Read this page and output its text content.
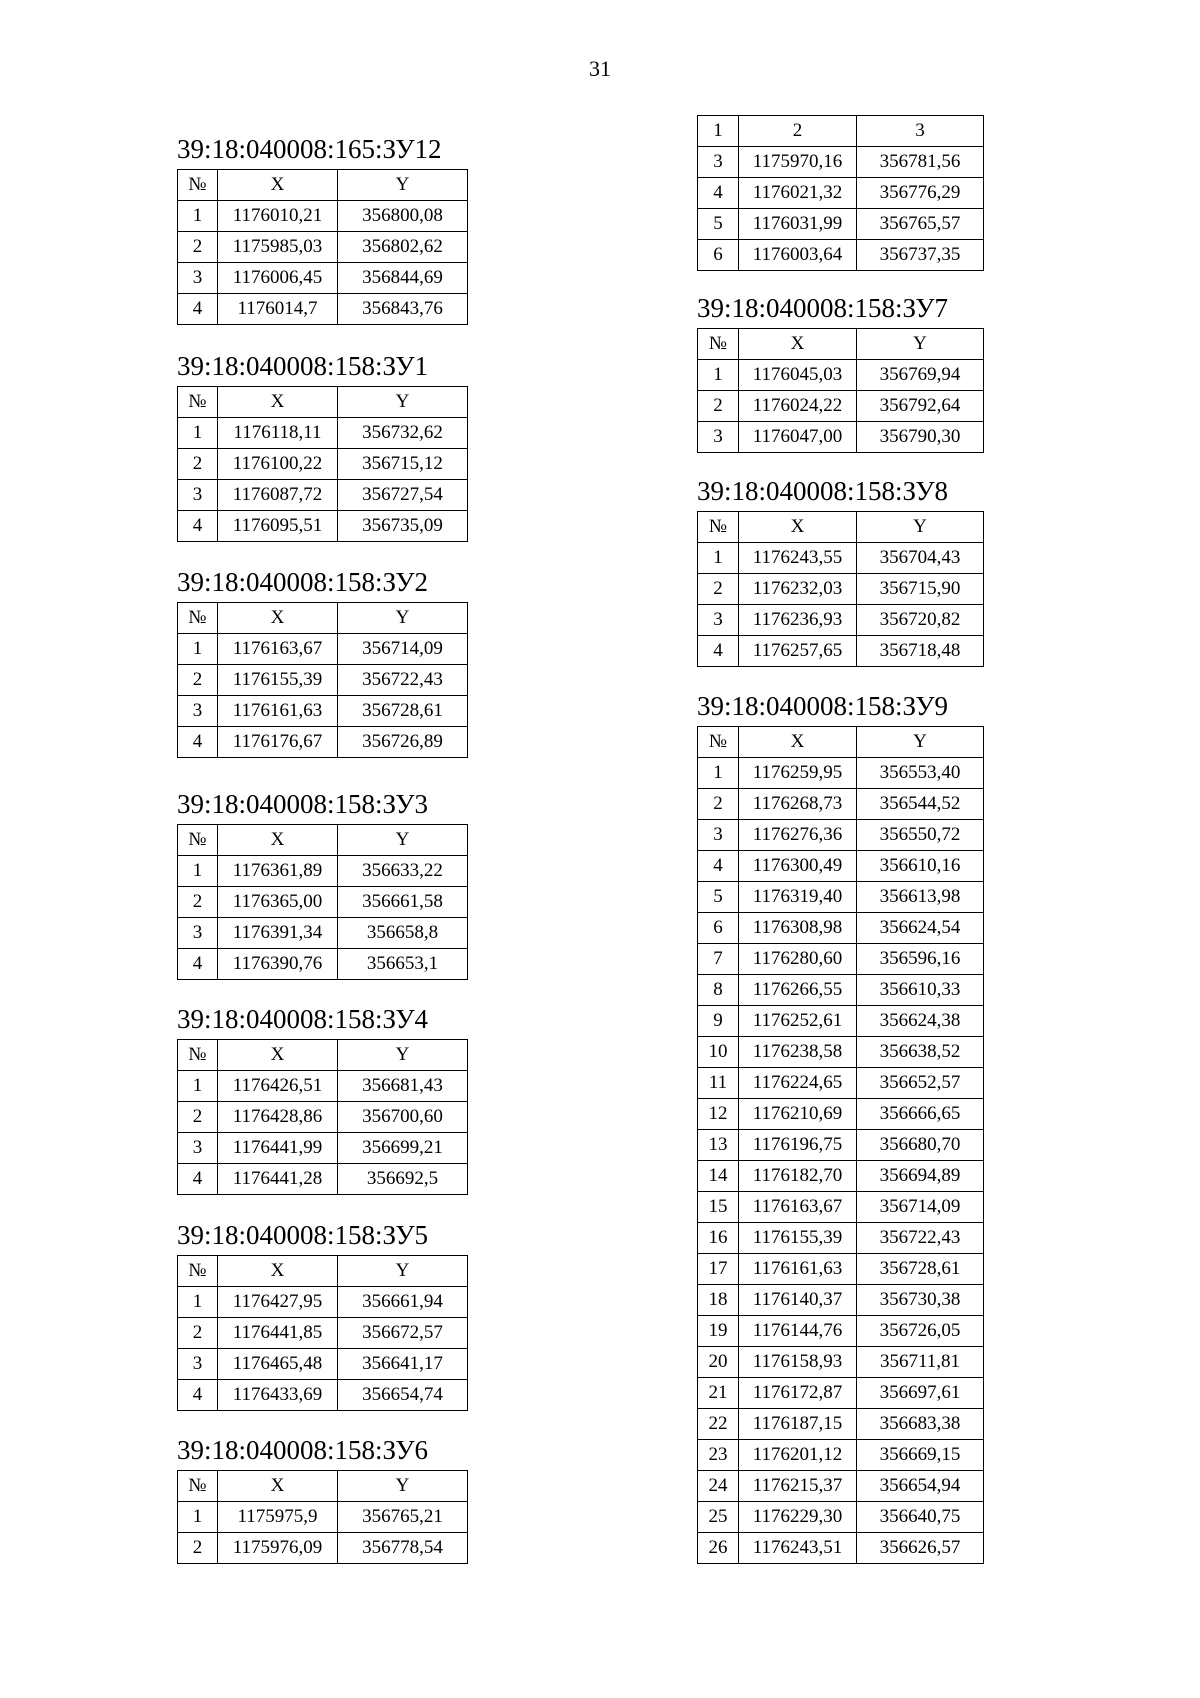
31
39:18:040008:165:ЗУ12
№	X	Y
1	1176010,21	356800,08
2	1175985,03	356802,62
3	1176006,45	356844,69
4	1176014,7	356843,76
39:18:040008:158:ЗУ1
№	X	Y
1	1176118,11	356732,62
2	1176100,22	356715,12
3	1176087,72	356727,54
4	1176095,51	356735,09
39:18:040008:158:ЗУ2
№	X	Y
1	1176163,67	356714,09
2	1176155,39	356722,43
3	1176161,63	356728,61
4	1176176,67	356726,89
39:18:040008:158:ЗУ3
№	X	Y
1	1176361,89	356633,22
2	1176365,00	356661,58
3	1176391,34	356658,8
4	1176390,76	356653,1
39:18:040008:158:ЗУ4
№	X	Y
1	1176426,51	356681,43
2	1176428,86	356700,60
3	1176441,99	356699,21
4	1176441,28	356692,5
39:18:040008:158:ЗУ5
№	X	Y
1	1176427,95	356661,94
2	1176441,85	356672,57
3	1176465,48	356641,17
4	1176433,69	356654,74
39:18:040008:158:ЗУ6
№	X	Y
1	1175975,9	356765,21
2	1175976,09	356778,54
1	2	3
3	1175970,16	356781,56
4	1176021,32	356776,29
5	1176031,99	356765,57
6	1176003,64	356737,35
39:18:040008:158:ЗУ7
№	X	Y
1	1176045,03	356769,94
2	1176024,22	356792,64
3	1176047,00	356790,30
39:18:040008:158:ЗУ8
№	X	Y
1	1176243,55	356704,43
2	1176232,03	356715,90
3	1176236,93	356720,82
4	1176257,65	356718,48
39:18:040008:158:ЗУ9
№	X	Y
1	1176259,95	356553,40
2	1176268,73	356544,52
3	1176276,36	356550,72
4	1176300,49	356610,16
5	1176319,40	356613,98
6	1176308,98	356624,54
7	1176280,60	356596,16
8	1176266,55	356610,33
9	1176252,61	356624,38
10	1176238,58	356638,52
11	1176224,65	356652,57
12	1176210,69	356666,65
13	1176196,75	356680,70
14	1176182,70	356694,89
15	1176163,67	356714,09
16	1176155,39	356722,43
17	1176161,63	356728,61
18	1176140,37	356730,38
19	1176144,76	356726,05
20	1176158,93	356711,81
21	1176172,87	356697,61
22	1176187,15	356683,38
23	1176201,12	356669,15
24	1176215,37	356654,94
25	1176229,30	356640,75
26	1176243,51	356626,57
